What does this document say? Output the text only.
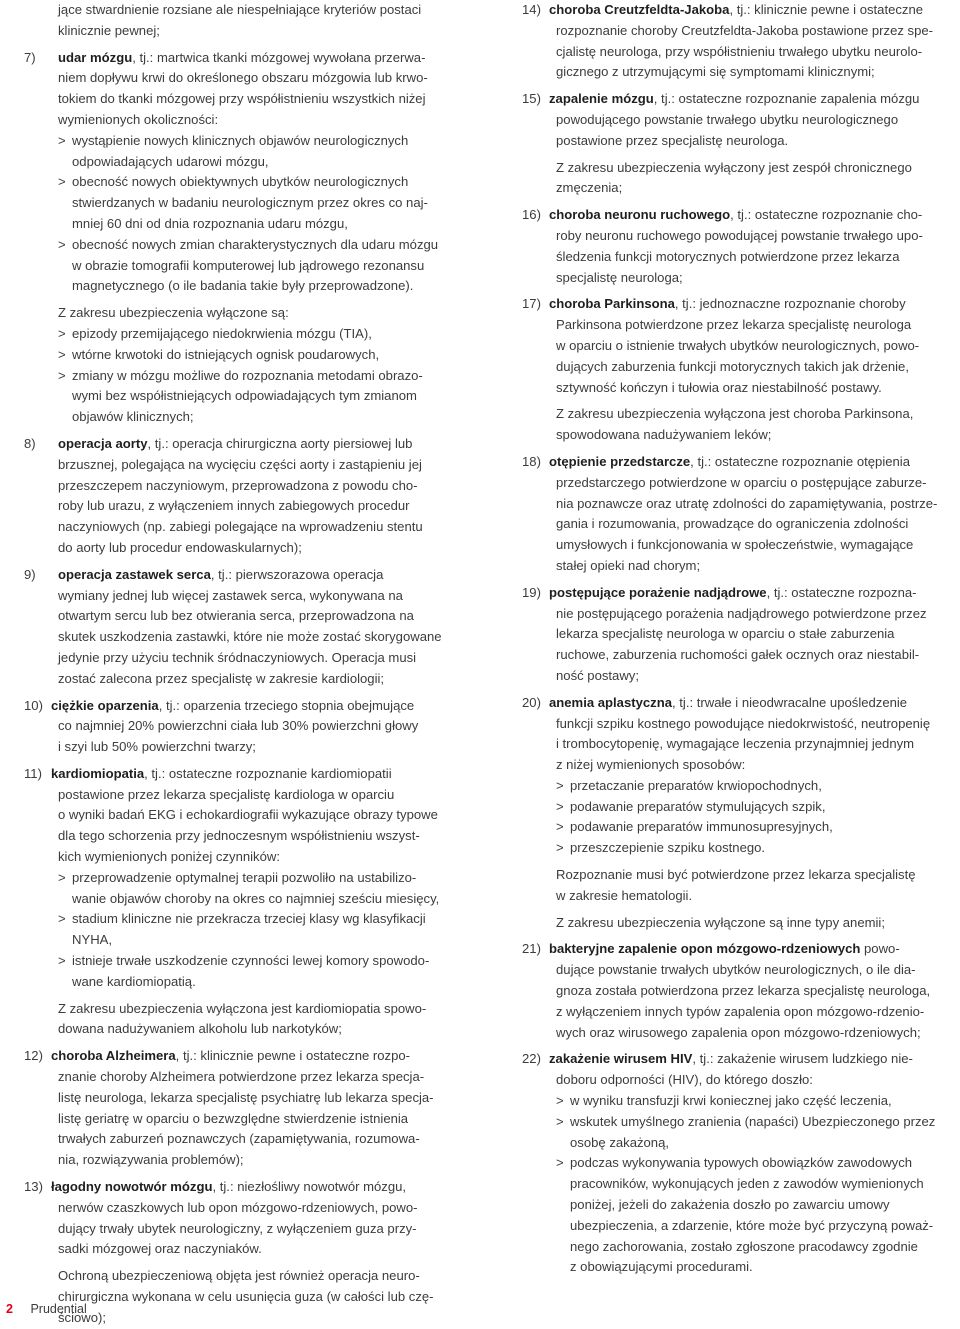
jące stwardnienie rozsiane ale niespełniające kryteriów postaci
klinicznie pewnej;
7) udar mózgu, tj.: martwica tkanki mózgowej wywołana przerwa-
niem dopływu krwi do określonego obszaru mózgowia lub krwo-
tokiem do tkanki mózgowej przy współistnieniu wszystkich niżej
wymienionych okoliczności:
> wystąpienie nowych klinicznych objawów neurologicznych
odpowiadających udarowi mózgu,
> obecność nowych obiektywnych ubytków neurologicznych
stwierdzanych w badaniu neurologicznym przez okres co naj-
mniej 60 dni od dnia rozpoznania udaru mózgu,
> obecność nowych zmian charakterystycznych dla udaru mózgu
w obrazie tomografii komputerowej lub jądrowego rezonansu
magnetycznego (o ile badania takie były przeprowadzone).
Z zakresu ubezpieczenia wyłączone są:
> epizody przemijającego niedokrwienia mózgu (TIA),
> wtórne krwotoki do istniejących ognisk poudarowych,
> zmiany w mózgu możliwe do rozpoznania metodami obrazo-
wymi bez współistniejących odpowiadających tym zmianom
objawów klinicznych;
8) operacja aorty, tj.: operacja chirurgiczna aorty piersiowej lub
brzusznej, polegająca na wycięciu części aorty i zastąpieniu jej
przeszczepem naczyniowym, przeprowadzona z powodu cho-
roby lub urazu, z wyłączeniem innych zabiegowych procedur
naczyniowych (np. zabiegi polegające na wprowadzeniu stentu
do aorty lub procedur endowaskularnych);
9) operacja zastawek serca, tj.: pierwszorazowa operacja
wymiany jednej lub więcej zastawek serca, wykonywana na
otwartym sercu lub bez otwierania serca, przeprowadzona na
skutek uszkodzenia zastawki, które nie może zostać skorygowane
jedynie przy użyciu technik śródnaczyniowych. Operacja musi
zostać zalecona przez specjalistę w zakresie kardiologii;
10) ciężkie oparzenia, tj.: oparzenia trzeciego stopnia obejmujące
co najmniej 20% powierzchni ciała lub 30% powierzchni głowy
i szyi lub 50% powierzchni twarzy;
11) kardiomiopatia, tj.: ostateczne rozpoznanie kardiomiopatii
postawione przez lekarza specjalistę kardiologa w oparciu
o wyniki badań EKG i echokardiografii wykazujące obrazy typowe
dla tego schorzenia przy jednoczesnym współistnieniu wszyst-
kich wymienionych poniżej czynników:
> przeprowadzenie optymalnej terapii pozwoliło na ustabilizo-
wanie objawów choroby na okres co najmniej sześciu miesięcy,
> stadium kliniczne nie przekracza trzeciej klasy wg klasyfikacji
NYHA,
> istnieje trwałe uszkodzenie czynności lewej komory spowodo-
wane kardiomiopatią.
Z zakresu ubezpieczenia wyłączona jest kardiomiopatia spowo-
dowana nadużywaniem alkoholu lub narkotyków;
12) choroba Alzheimera, tj.: klinicznie pewne i ostateczne rozpo-
znanie choroby Alzheimera potwierdzone przez lekarza specja-
listę neurologa, lekarza specjalistę psychiatrę lub lekarza specja-
listę geriatrę w oparciu o bezwzględne stwierdzenie istnienia
trwałych zaburzeń poznawczych (zapamiętywania, rozumowa-
nia, rozwiązywania problemów);
13) łagodny nowotwór mózgu, tj.: niezłośliwy nowotwór mózgu,
nerwów czaszkowych lub opon mózgowo-rdzeniowych, powo-
dujący trwały ubytek neurologiczny, z wyłączeniem guza przy-
sadki mózgowej oraz naczyniaków.
Ochroną ubezpieczeniową objęta jest również operacja neuro-
chirurgiczna wykonana w celu usunięcia guza (w całości lub czę-
ściowo);
14) choroba Creutzfeldta-Jakoba, tj.: klinicznie pewne i ostateczne
rozpoznanie choroby Creutzfeldta-Jakoba postawione przez spe-
cjalistę neurologa, przy współistnieniu trwałego ubytku neurolo-
gicznego z utrzymującymi się symptomami klinicznymi;
15) zapalenie mózgu, tj.: ostateczne rozpoznanie zapalenia mózgu
powodującego powstanie trwałego ubytku neurologicznego
postawione przez specjalistę neurologa.
Z zakresu ubezpieczenia wyłączony jest zespół chronicznego
zmęczenia;
16) choroba neuronu ruchowego, tj.: ostateczne rozpoznanie cho-
roby neuronu ruchowego powodującej powstanie trwałego upo-
śledzenia funkcji motorycznych potwierdzone przez lekarza
specjalistę neurologa;
17) choroba Parkinsona, tj.: jednoznaczne rozpoznanie choroby
Parkinsona potwierdzone przez lekarza specjalistę neurologa
w oparciu o istnienie trwałych ubytków neurologicznych, powo-
dujących zaburzenia funkcji motorycznych takich jak drżenie,
sztywność kończyn i tułowia oraz niestabilność postawy.
Z zakresu ubezpieczenia wyłączona jest choroba Parkinsona,
spowodowana nadużywaniem leków;
18) otępienie przedstarcze, tj.: ostateczne rozpoznanie otępienia
przedstarczego potwierdzone w oparciu o postępujące zaburze-
nia poznawcze oraz utratę zdolności do zapamiętywania, postrze-
gania i rozumowania, prowadzące do ograniczenia zdolności
umysłowych i funkcjonowania w społeczeństwie, wymagające
stałej opieki nad chorym;
19) postępujące porażenie nadjądrowe, tj.: ostateczne rozpozna-
nie postępującego porażenia nadjądrowego potwierdzone przez
lekarza specjalistę neurologa w oparciu o stałe zaburzenia
ruchowe, zaburzenia ruchomości gałek ocznych oraz niestabil-
ność postawy;
20) anemia aplastyczna, tj.: trwałe i nieodwracalne upośledzenie
funkcji szpiku kostnego powodujące niedokrwistość, neutropenię
i trombocytopenię, wymagające leczenia przynajmniej jednym
z niżej wymienionych sposobów:
> przetaczanie preparatów krwiopochodnych,
> podawanie preparatów stymulujących szpik,
> podawanie preparatów immunosupresyjnych,
> przeszczepienie szpiku kostnego.
Rozpoznanie musi być potwierdzone przez lekarza specjalistę
w zakresie hematologii.
Z zakresu ubezpieczenia wyłączone są inne typy anemii;
21) bakteryjne zapalenie opon mózgowo-rdzeniowych powo-
dujące powstanie trwałych ubytków neurologicznych, o ile dia-
gnoza została potwierdzona przez lekarza specjalistę neurologa,
z wyłączeniem innych typów zapalenia opon mózgowo-rdzenio-
wych oraz wirusowego zapalenia opon mózgowo-rdzeniowych;
22) zakażenie wirusem HIV, tj.: zakażenie wirusem ludzkiego nie-
doboru odporności (HIV), do którego doszło:
> w wyniku transfuzji krwi koniecznej jako część leczenia,
> wskutek umyślnego zranienia (napaści) Ubezpieczonego przez
osobę zakażoną,
> podczas wykonywania typowych obowiązków zawodowych
pracowników, wykonujących jeden z zawodów wymienionych
poniżej, jeżeli do zakażenia doszło po zawarciu umowy
ubezpieczenia, a zdarzenie, które może być przyczyną poważ-
nego zachorowania, zostało zgłoszone pracodawcy zgodnie
z obowiązującymi procedurami.
2 Prudential
